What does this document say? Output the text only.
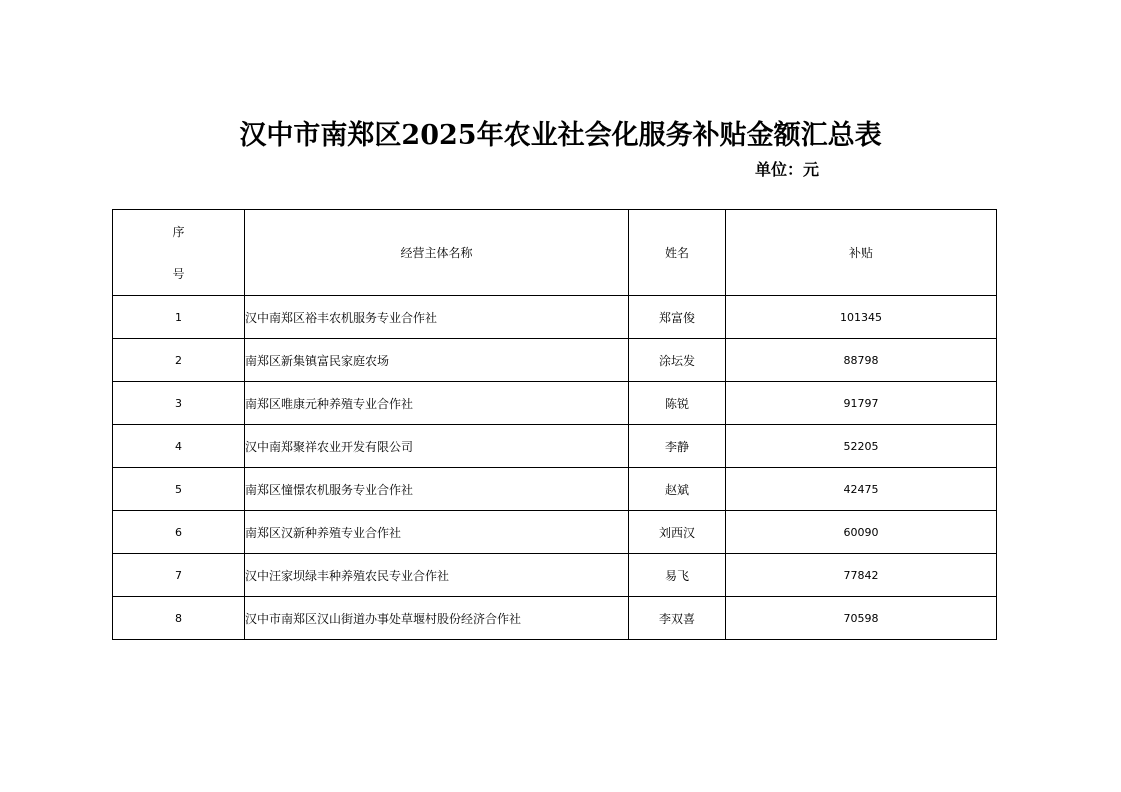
汉中市南郑区2025年农业社会化服务补贴金额汇总表
单位：元
序号	经营主体名称	姓名	补贴
1	汉中南郑区裕丰农机服务专业合作社	郑富俊	101345
2	南郑区新集镇富民家庭农场	涂坛发	88798
3	南郑区唯康元种养殖专业合作社	陈锐	91797
4	汉中南郑聚祥农业开发有限公司	李静	52205
5	南郑区憧憬农机服务专业合作社	赵斌	42475
6	南郑区汉新种养殖专业合作社	刘西汉	60090
7	汉中汪家坝绿丰种养殖农民专业合作社	易飞	77842
8	汉中市南郑区汉山街道办事处草堰村股份经济合作社	李双喜	70598
